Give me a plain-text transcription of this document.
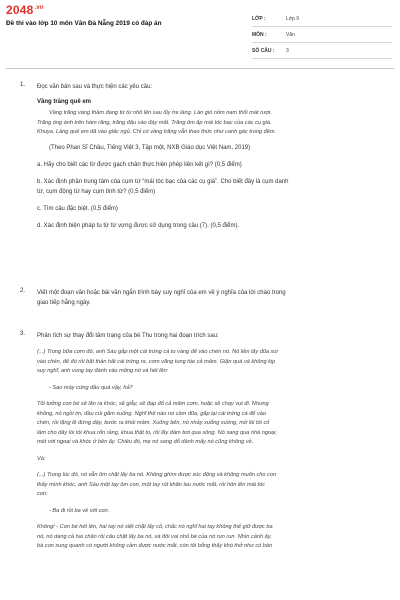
$2048^{.vn}$
Đề thi vào lớp 10 môn Văn Đà Nẵng 2019 có đáp án
LỚP :	Lớp 9
MÔN :	Văn
SỐ CÂU :	3
1. Đọc văn bản sau và thực hiện các yêu cầu:
Vầng trăng quê em
Vầng trăng vàng thầm đang từ từ nhô lên sau lũy tre làng. Làn gió nồm nam thổi mát rượi.
Trăng óng ánh trên hàm răng, trăng đậu vào đáy mắt. Trăng ôm ấp mái tóc bạc của các cụ già.
Khuya. Làng quê em đã vào giấc ngủ. Chỉ có vầng trăng vẫn thao thức như canh gác trong đêm.
(Theo Phan Sĩ Châu, Tiếng Việt 3, Tập một, NXB Giáo dục Việt Nam, 2019)
a. Hãy cho biết các từ được gạch chân thực hiện phép liên kết gì? (0,5 điểm)
b. Xác định phần trung tâm của cụm từ “mái tóc bạc của các cụ già”. Cho biết đây là cụm danh
từ, cụm động từ hay cụm tính từ? (0,5 điểm)
c. Tìm câu đặc biệt. (0,5 điểm)
d. Xác định biện pháp tu từ từ vựng được sử dụng trong câu (7). (0,5 điểm).
2. Viết một đoạn văn hoặc bài văn ngắn trình bày suy nghĩ của em về ý nghĩa của lời chào trong
giao tiếp hằng ngày.
3. Phân tích sự thay đổi tâm trạng của bé Thu trong hai đoạn trích sau:
(...) Trong bữa cơm đó, anh Sáu gắp một cái trứng cá to vàng để vào chén nó. Nó liền lấy đũa xoi
vào chén, để đó rồi bất thần hất cái trứng ra, cơm văng tung tóe cả mâm. Giận quá và không kịp
suy nghĩ, anh vung tay đánh vào mông nó và hét lên:
- Sao mày cứng đầu quá vậy, hả?
Tôi tưởng con bé sẽ lăn ra khóc, sẽ giẫy, sẽ đạp đổ cả mâm cơm, hoặc sẽ chạy vụt đi. Nhưng
không, nó ngồi im, đầu cúi gằm xuống. Nghĩ thế nào nó cầm đũa, gắp lại cái trứng cá để vào
chén, rồi lặng lẽ đứng dậy, bước ra khỏi mâm. Xuống bến, nó nhảy xuống xuồng, mở lòi tói cố
làm cho dây lòi tói khua rổn rảng, khua thật to, rồi lấy dầm bơi qua sông. Nó sang qua nhà ngoại,
mét với ngoại và khóc ở bên ấy. Chiều đó, mẹ nó sang dỗ dành mấy nó cũng không về.
Và:
(...) Trong lúc đó, nó vẫn ôm chặt lấy ba nó. Không ghìm được xúc động và không muốn cho con
thấy mình khóc, anh Sáu một tay ôm con, một tay rút khăn lau nước mắt, rồi hôn lên mái tóc
con:
- Ba đi rồi ba về với con.
Không! - Con bé hét lên, hai tay nó siết chặt lấy cổ, chắc nó nghĩ hai tay không thể giữ được ba
nó, nó dang cả hai chân rồi câu chặt lấy ba nó, và đôi vai nhỏ bé của nó run run. Nhìn cảnh ấy,
bà con xung quanh có người không cầm được nước mắt, còn tôi bỗng thấy khó thở như có bàn
